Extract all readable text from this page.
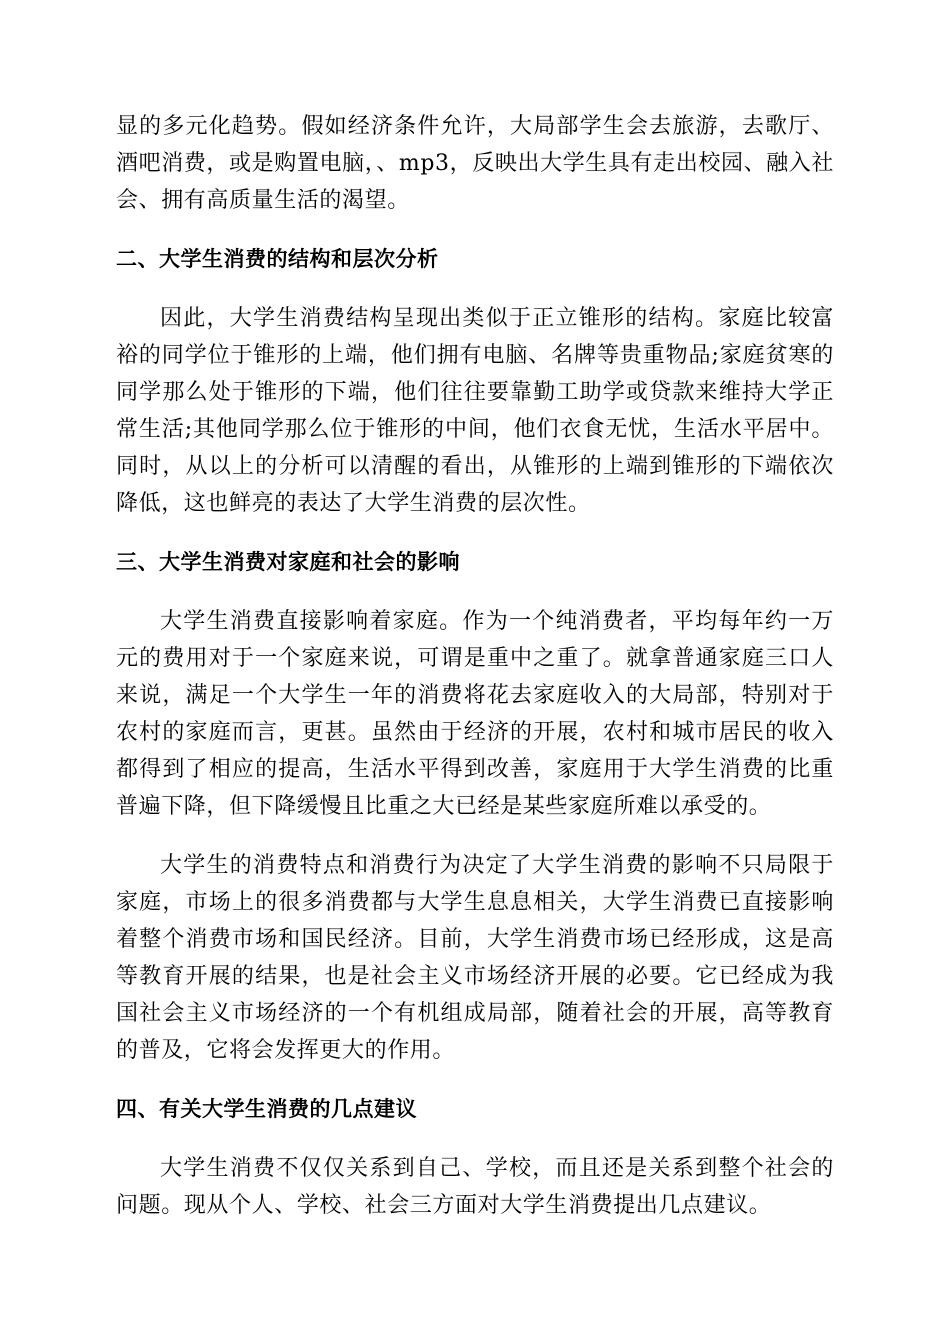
显的多元化趋势。假如经济条件允许，大局部学生会去旅游，去歌厅、酒吧消费，或是购置电脑，、mp3，反映出大学生具有走出校园、融入社会、拥有高质量生活的渴望。

二、大学生消费的结构和层次分析

因此，大学生消费结构呈现出类似于正立锥形的结构。家庭比较富裕的同学位于锥形的上端，他们拥有电脑、名牌等贵重物品;家庭贫寒的同学那么处于锥形的下端，他们往往要靠勤工助学或贷款来维持大学正常生活;其他同学那么位于锥形的中间，他们衣食无忧，生活水平居中。同时，从以上的分析可以清醒的看出，从锥形的上端到锥形的下端依次降低，这也鲜亮的表达了大学生消费的层次性。

三、大学生消费对家庭和社会的影响

大学生消费直接影响着家庭。作为一个纯消费者，平均每年约一万元的费用对于一个家庭来说，可谓是重中之重了。就拿普通家庭三口人来说，满足一个大学生一年的消费将花去家庭收入的大局部，特别对于农村的家庭而言，更甚。虽然由于经济的开展，农村和城市居民的收入都得到了相应的提高，生活水平得到改善，家庭用于大学生消费的比重普遍下降，但下降缓慢且比重之大已经是某些家庭所难以承受的。

大学生的消费特点和消费行为决定了大学生消费的影响不只局限于家庭，市场上的很多消费都与大学生息息相关，大学生消费已直接影响着整个消费市场和国民经济。目前，大学生消费市场已经形成，这是高等教育开展的结果，也是社会主义市场经济开展的必要。它已经成为我国社会主义市场经济的一个有机组成局部，随着社会的开展，高等教育的普及，它将会发挥更大的作用。

四、有关大学生消费的几点建议

大学生消费不仅仅关系到自己、学校，而且还是关系到整个社会的问题。现从个人、学校、社会三方面对大学生消费提出几点建议。
